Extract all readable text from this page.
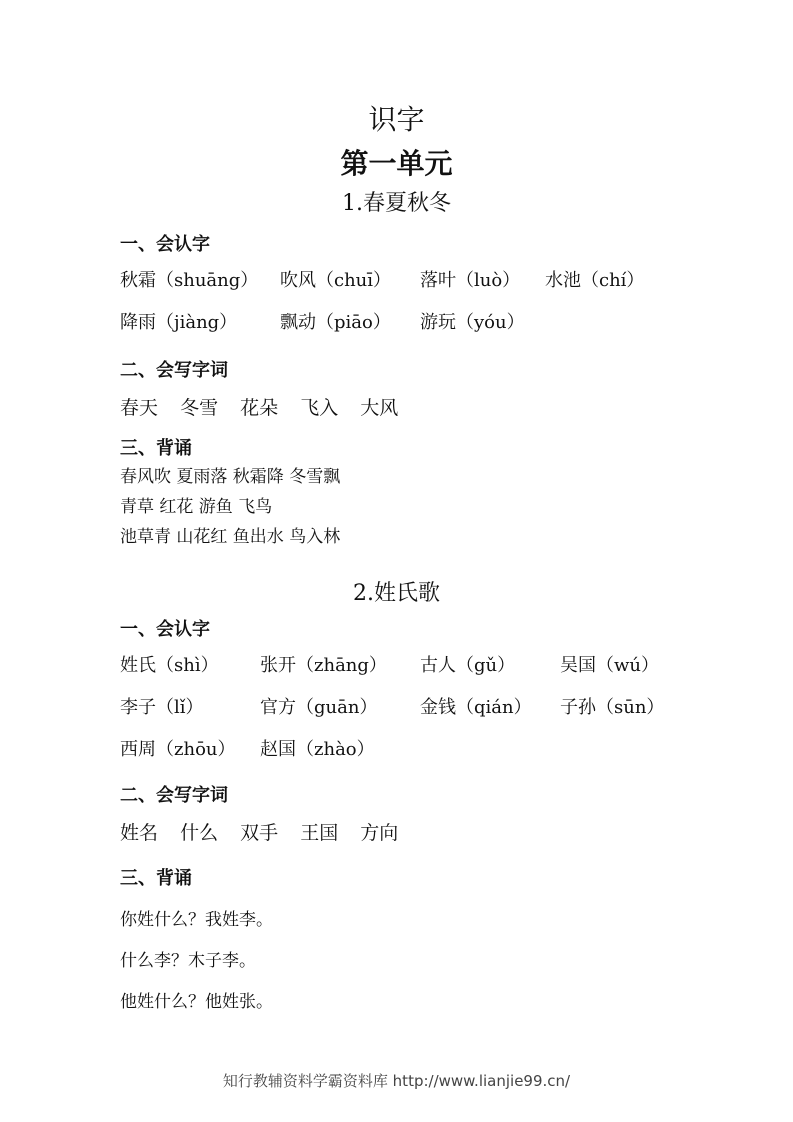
识字
第一单元
1.春夏秋冬
一、会认字
秋霜（shuāng） 吹风（chuī） 落叶（luò） 水池（chí）
降雨（jiàng） 飘动（piāo） 游玩（yóu）
二、会写字词
春天 冬雪 花朵 飞入 大风
三、背诵
春风吹 夏雨落 秋霜降 冬雪飘
青草 红花 游鱼 飞鸟
池草青 山花红 鱼出水 鸟入林
2.姓氏歌
一、会认字
姓氏（shì） 张开（zhāng） 古人（gǔ） 吴国（wú）
李子（lǐ）	官方（guān） 金钱（qián） 子孙（sūn）
西周（zhōu） 赵国（zhào）
二、会写字词
姓名 什么 双手 王国 方向
三、背诵
你姓什么？我姓李。
什么李？木子李。
他姓什么？他姓张。
知行教辅资料学霸资料库 http://www.lianjie99.cn/
